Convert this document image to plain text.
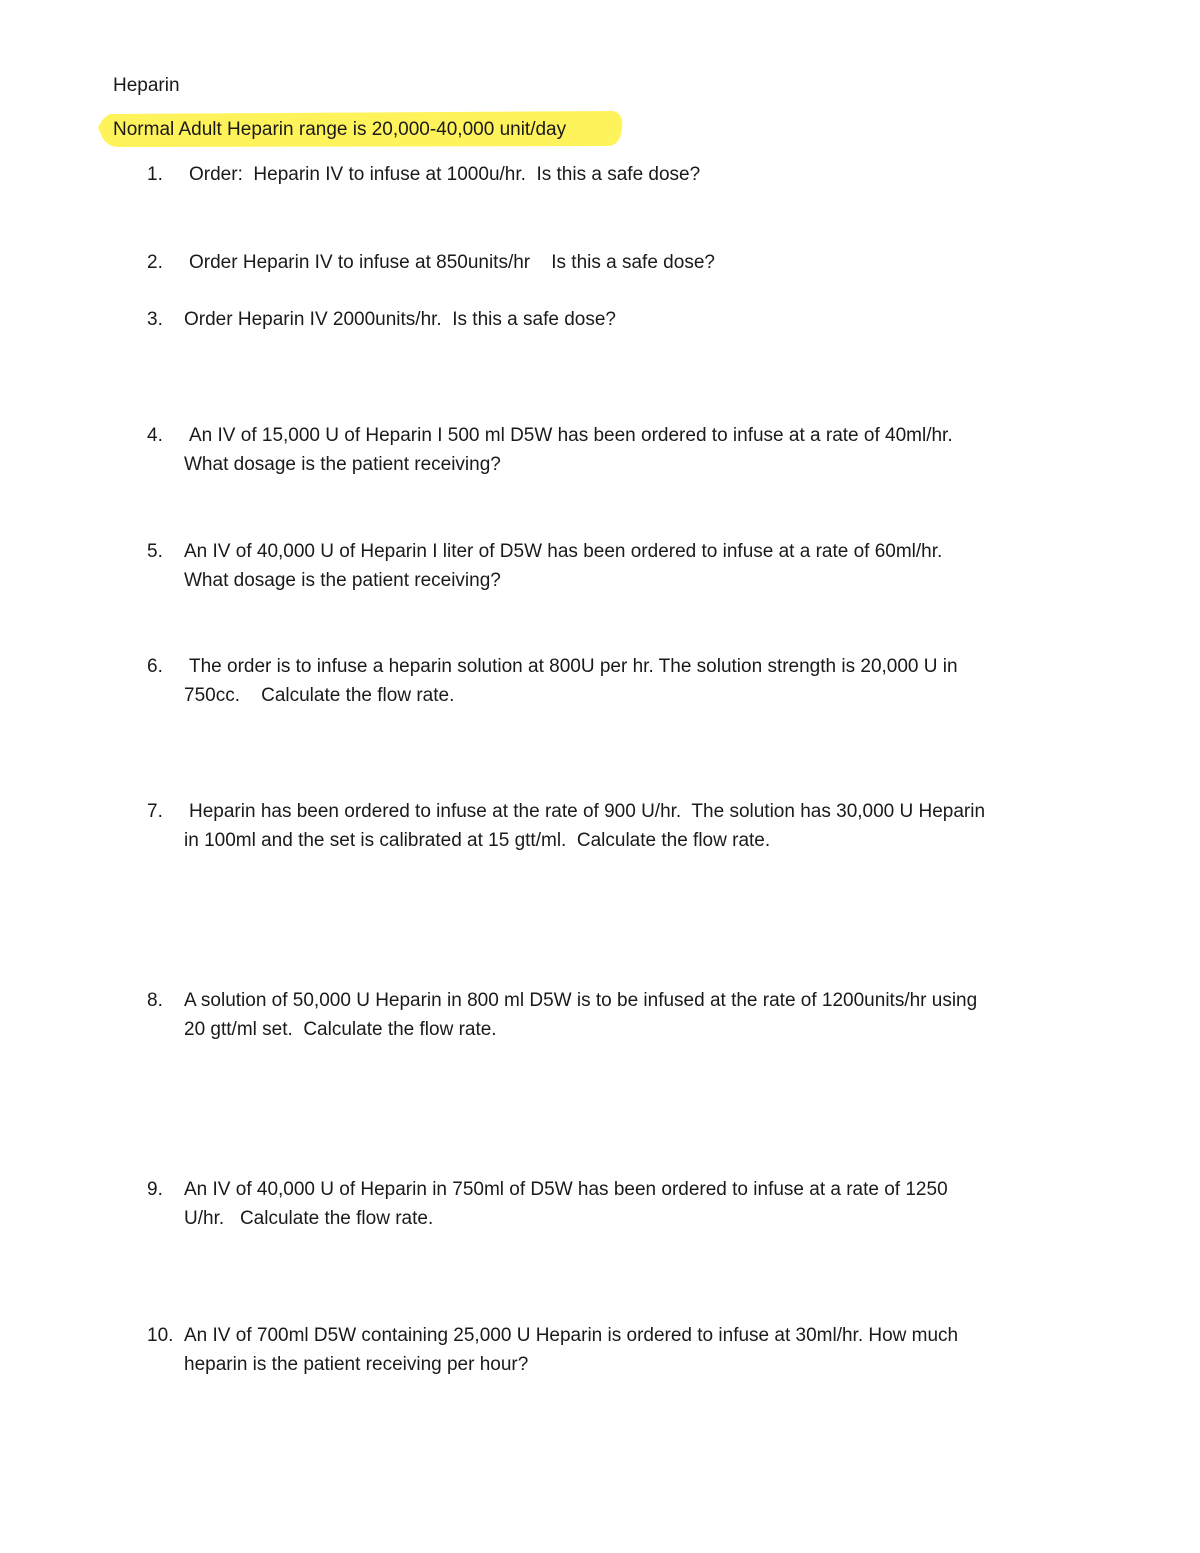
Heparin
Normal Adult Heparin range is 20,000-40,000 unit/day
1.	Order:  Heparin IV to infuse at 1000u/hr.  Is this a safe dose?
2.	Order Heparin IV to infuse at 850units/hr    Is this a safe dose?
3.	Order Heparin IV 2000units/hr.  Is this a safe dose?
4.	An IV of 15,000 U of Heparin I 500 ml D5W has been ordered to infuse at a rate of 40ml/hr.
What dosage is the patient receiving?
5.	An IV of 40,000 U of Heparin I liter of D5W has been ordered to infuse at a rate of 60ml/hr.
What dosage is the patient receiving?
6.	The order is to infuse a heparin solution at 800U per hr. The solution strength is 20,000 U in
750cc.    Calculate the flow rate.
7.	Heparin has been ordered to infuse at the rate of 900 U/hr.  The solution has 30,000 U Heparin
in 100ml and the set is calibrated at 15 gtt/ml.  Calculate the flow rate.
8.	A solution of 50,000 U Heparin in 800 ml D5W is to be infused at the rate of 1200units/hr using
20 gtt/ml set.  Calculate the flow rate.
9.	An IV of 40,000 U of Heparin in 750ml of D5W has been ordered to infuse at a rate of 1250
U/hr.   Calculate the flow rate.
10. An IV of 700ml D5W containing 25,000 U Heparin is ordered to infuse at 30ml/hr. How much
heparin is the patient receiving per hour?
